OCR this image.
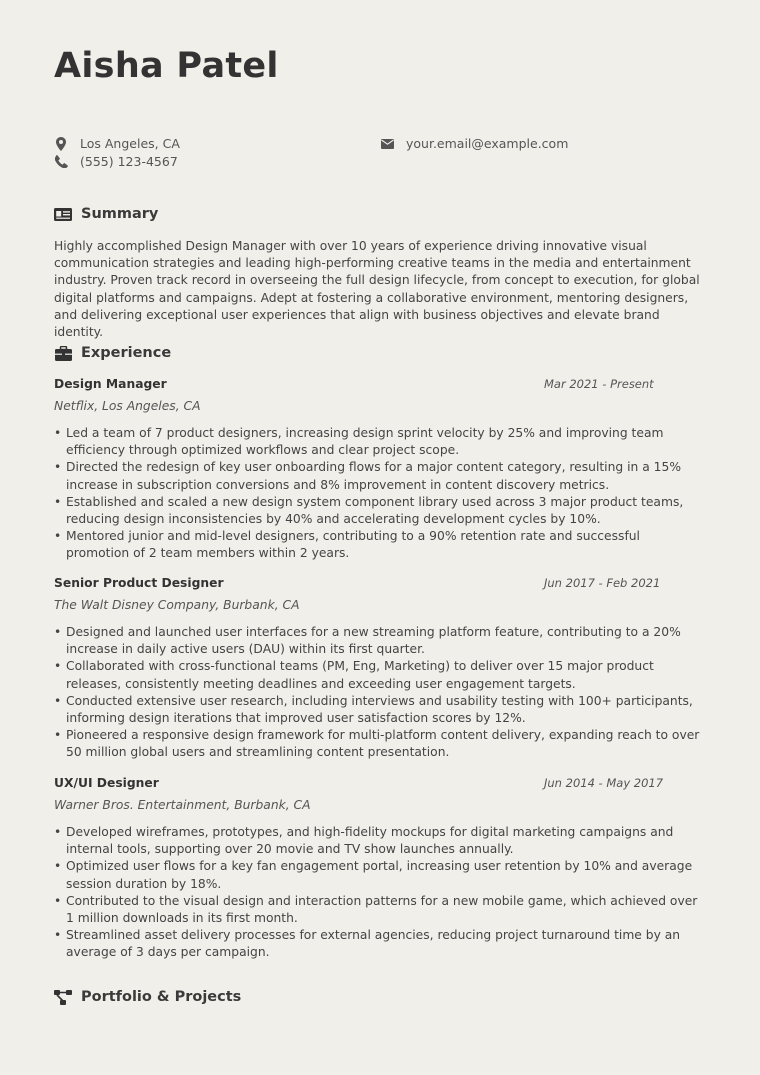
Aisha Patel
Los Angeles, CA
(555) 123-4567
your.email@example.com
Summary

Highly accomplished Design Manager with over 10 years of experience driving innovative visual communication strategies and leading high-performing creative teams in the media and entertainment industry. Proven track record in overseeing the full design lifecycle, from concept to execution, for global digital platforms and campaigns. Adept at fostering a collaborative environment, mentoring designers, and delivering exceptional user experiences that align with business objectives and elevate brand identity.

Experience
Design Manager	Mar 2021 - Present
Netflix, Los Angeles, CA
• Led a team of 7 product designers, increasing design sprint velocity by 25% and improving team efficiency through optimized workflows and clear project scope.
• Directed the redesign of key user onboarding flows for a major content category, resulting in a 15% increase in subscription conversions and 8% improvement in content discovery metrics.
• Established and scaled a new design system component library used across 3 major product teams, reducing design inconsistencies by 40% and accelerating development cycles by 10%.
• Mentored junior and mid-level designers, contributing to a 90% retention rate and successful promotion of 2 team members within 2 years.
Senior Product Designer	Jun 2017 - Feb 2021
The Walt Disney Company, Burbank, CA
• Designed and launched user interfaces for a new streaming platform feature, contributing to a 20% increase in daily active users (DAU) within its first quarter.
• Collaborated with cross-functional teams (PM, Eng, Marketing) to deliver over 15 major product releases, consistently meeting deadlines and exceeding user engagement targets.
• Conducted extensive user research, including interviews and usability testing with 100+ participants, informing design iterations that improved user satisfaction scores by 12%.
• Pioneered a responsive design framework for multi-platform content delivery, expanding reach to over 50 million global users and streamlining content presentation.
UX/UI Designer	Jun 2014 - May 2017
Warner Bros. Entertainment, Burbank, CA
• Developed wireframes, prototypes, and high-fidelity mockups for digital marketing campaigns and internal tools, supporting over 20 movie and TV show launches annually.
• Optimized user flows for a key fan engagement portal, increasing user retention by 10% and average session duration by 18%.
• Contributed to the visual design and interaction patterns for a new mobile game, which achieved over 1 million downloads in its first month.
• Streamlined asset delivery processes for external agencies, reducing project turnaround time by an average of 3 days per campaign.
Portfolio & Projects
